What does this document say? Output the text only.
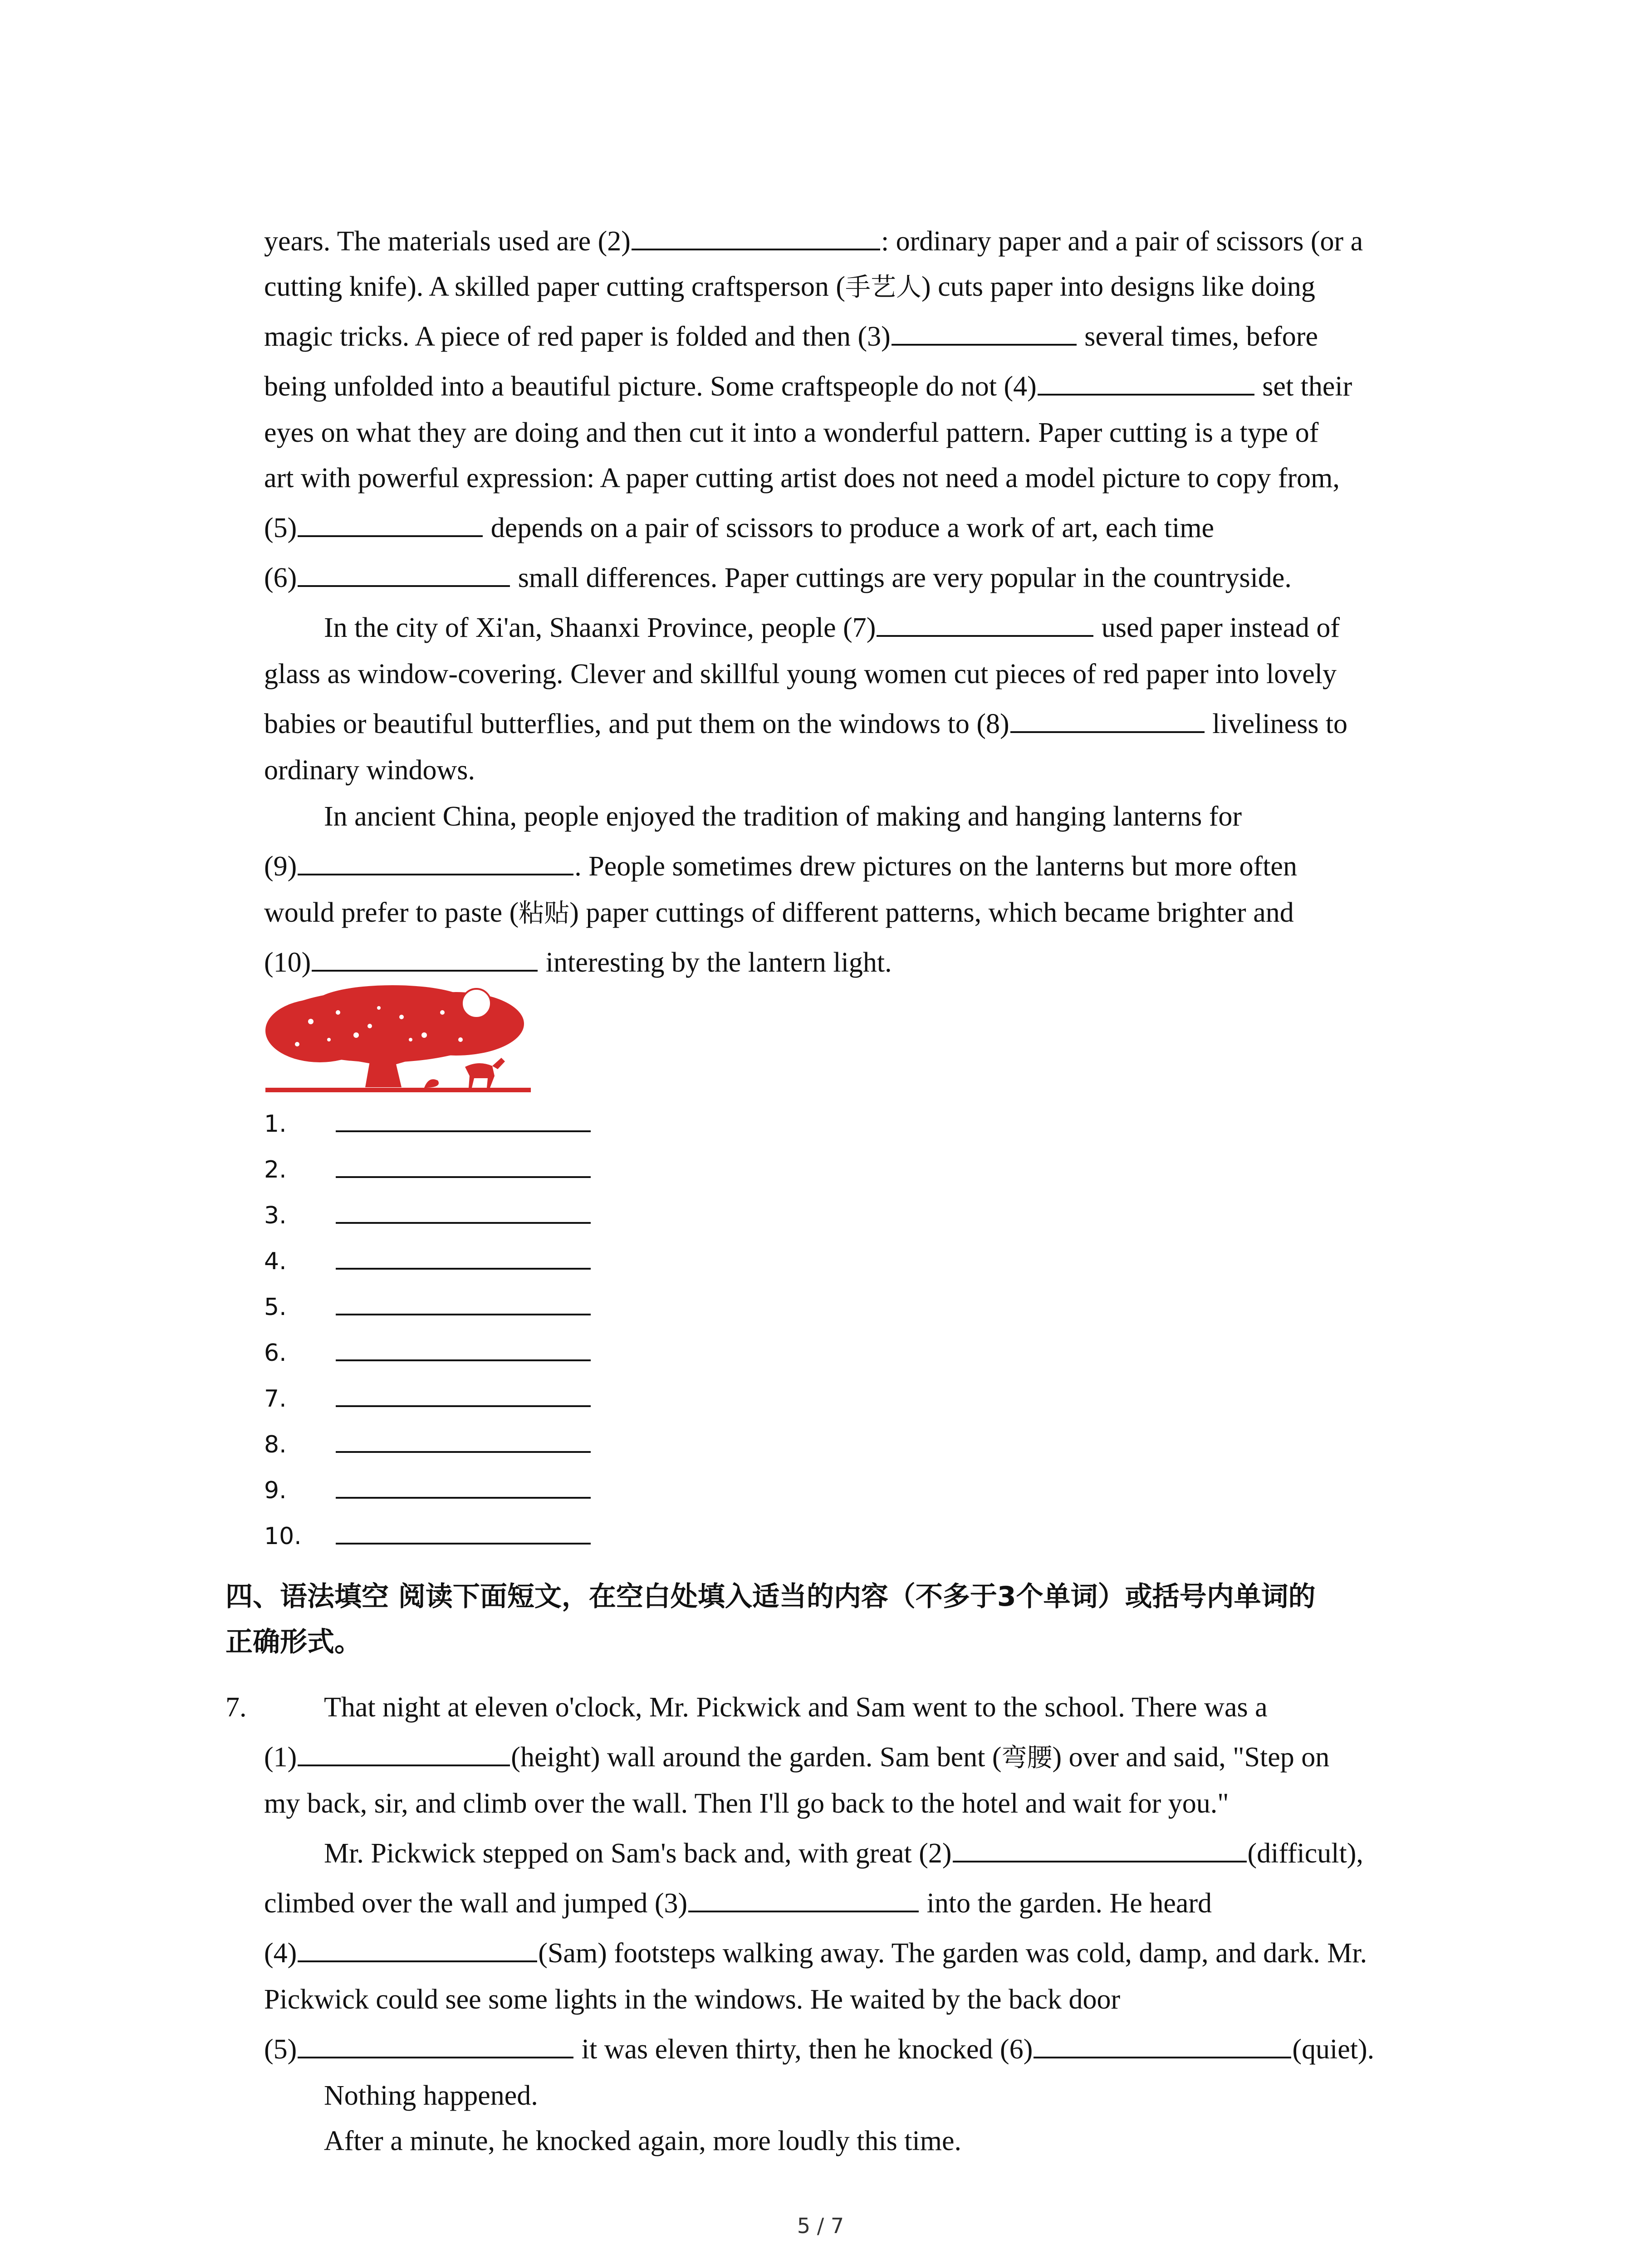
years. The materials used are (2)	: ordinary paper and a pair of scissors (or a
cutting knife). A skilled paper cutting craftsperson (手艺人) cuts paper into designs like doing
magic tricks. A piece of red paper is folded and then (3)	several times, before
being unfolded into a beautiful picture. Some craftspeople do not (4)	set their
eyes on what they are doing and then cut it into a wonderful pattern. Paper cutting is a type of
art with powerful expression: A paper cutting artist does not need a model picture to copy from,
(5)	depends on a pair of scissors to produce a work of art, each time
(6)	small differences. Paper cuttings are very popular in the countryside.
In the city of Xi'an, Shaanxi Province, people (7)	used paper instead of
glass as window-covering. Clever and skillful young women cut pieces of red paper into lovely
babies or beautiful butterflies, and put them on the windows to (8)	liveliness to
ordinary windows.
In ancient China, people enjoyed the tradition of making and hanging lanterns for
(9)	. People sometimes drew pictures on the lanterns but more often
would prefer to paste (粘贴) paper cuttings of different patterns, which became brighter and
(10)	interesting by the lantern light.
1.
2.
3.
4.
5.
6.
7.
8.
9.
10.
四、语法填空 阅读下面短文，在空白处填入适当的内容（不多于3个单词）或括号内单词的
正确形式。
7.	That night at eleven o'clock, Mr. Pickwick and Sam went to the school. There was a
(1)	(height) wall around the garden. Sam bent (弯腰) over and said, "Step on
my back, sir, and climb over the wall. Then I'll go back to the hotel and wait for you."
Mr. Pickwick stepped on Sam's back and, with great (2)	(difficult),
climbed over the wall and jumped (3)	into the garden. He heard
(4)	(Sam) footsteps walking away. The garden was cold, damp, and dark. Mr.
Pickwick could see some lights in the windows. He waited by the back door
(5)	it was eleven thirty, then he knocked (6)	(quiet).
Nothing happened.
After a minute, he knocked again, more loudly this time.
5 / 7
